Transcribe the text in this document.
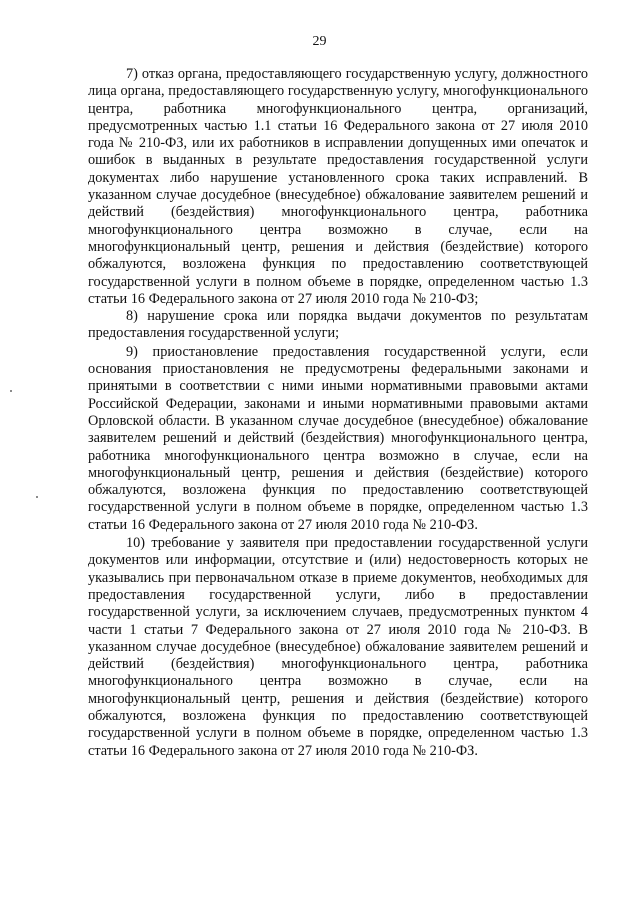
29

7) отказ органа, предоставляющего государственную услугу, должностного лица органа, предоставляющего государственную услугу, многофункционального центра, работника многофункционального центра, организаций, предусмотренных частью 1.1 статьи 16 Федерального закона от 27 июля 2010 года № 210-ФЗ, или их работников в исправлении допущенных ими опечаток и ошибок в выданных в результате предоставления государственной услуги документах либо нарушение установленного срока таких исправлений. В указанном случае досудебное (внесудебное) обжалование заявителем решений и действий (бездействия) многофункционального центра, работника многофункционального центра возможно в случае, если на многофункциональный центр, решения и действия (бездействие) которого обжалуются, возложена функция по предоставлению соответствующей государственной услуги в полном объеме в порядке, определенном частью 1.3 статьи 16 Федерального закона от 27 июля 2010 года № 210-ФЗ;

8) нарушение срока или порядка выдачи документов по результатам предоставления государственной услуги;

9) приостановление предоставления государственной услуги, если основания приостановления не предусмотрены федеральными законами и принятыми в соответствии с ними иными нормативными правовыми актами Российской Федерации, законами и иными нормативными правовыми актами Орловской области. В указанном случае досудебное (внесудебное) обжалование заявителем решений и действий (бездействия) многофункционального центра, работника многофункционального центра возможно в случае, если на многофункциональный центр, решения и действия (бездействие) которого обжалуются, возложена функция по предоставлению соответствующей государственной услуги в полном объеме в порядке, определенном частью 1.3 статьи 16 Федерального закона от 27 июля 2010 года № 210-ФЗ.

10) требование у заявителя при предоставлении государственной услуги документов или информации, отсутствие и (или) недостоверность которых не указывались при первоначальном отказе в приеме документов, необходимых для предоставления государственной услуги, либо в предоставлении государственной услуги, за исключением случаев, предусмотренных пунктом 4 части 1 статьи 7 Федерального закона от 27 июля 2010 года № 210-ФЗ. В указанном случае досудебное (внесудебное) обжалование заявителем решений и действий (бездействия) многофункционального центра, работника многофункционального центра возможно в случае, если на многофункциональный центр, решения и действия (бездействие) которого обжалуются, возложена функция по предоставлению соответствующей государственной услуги в полном объеме в порядке, определенном частью 1.3 статьи 16 Федерального закона от 27 июля 2010 года № 210-ФЗ.
